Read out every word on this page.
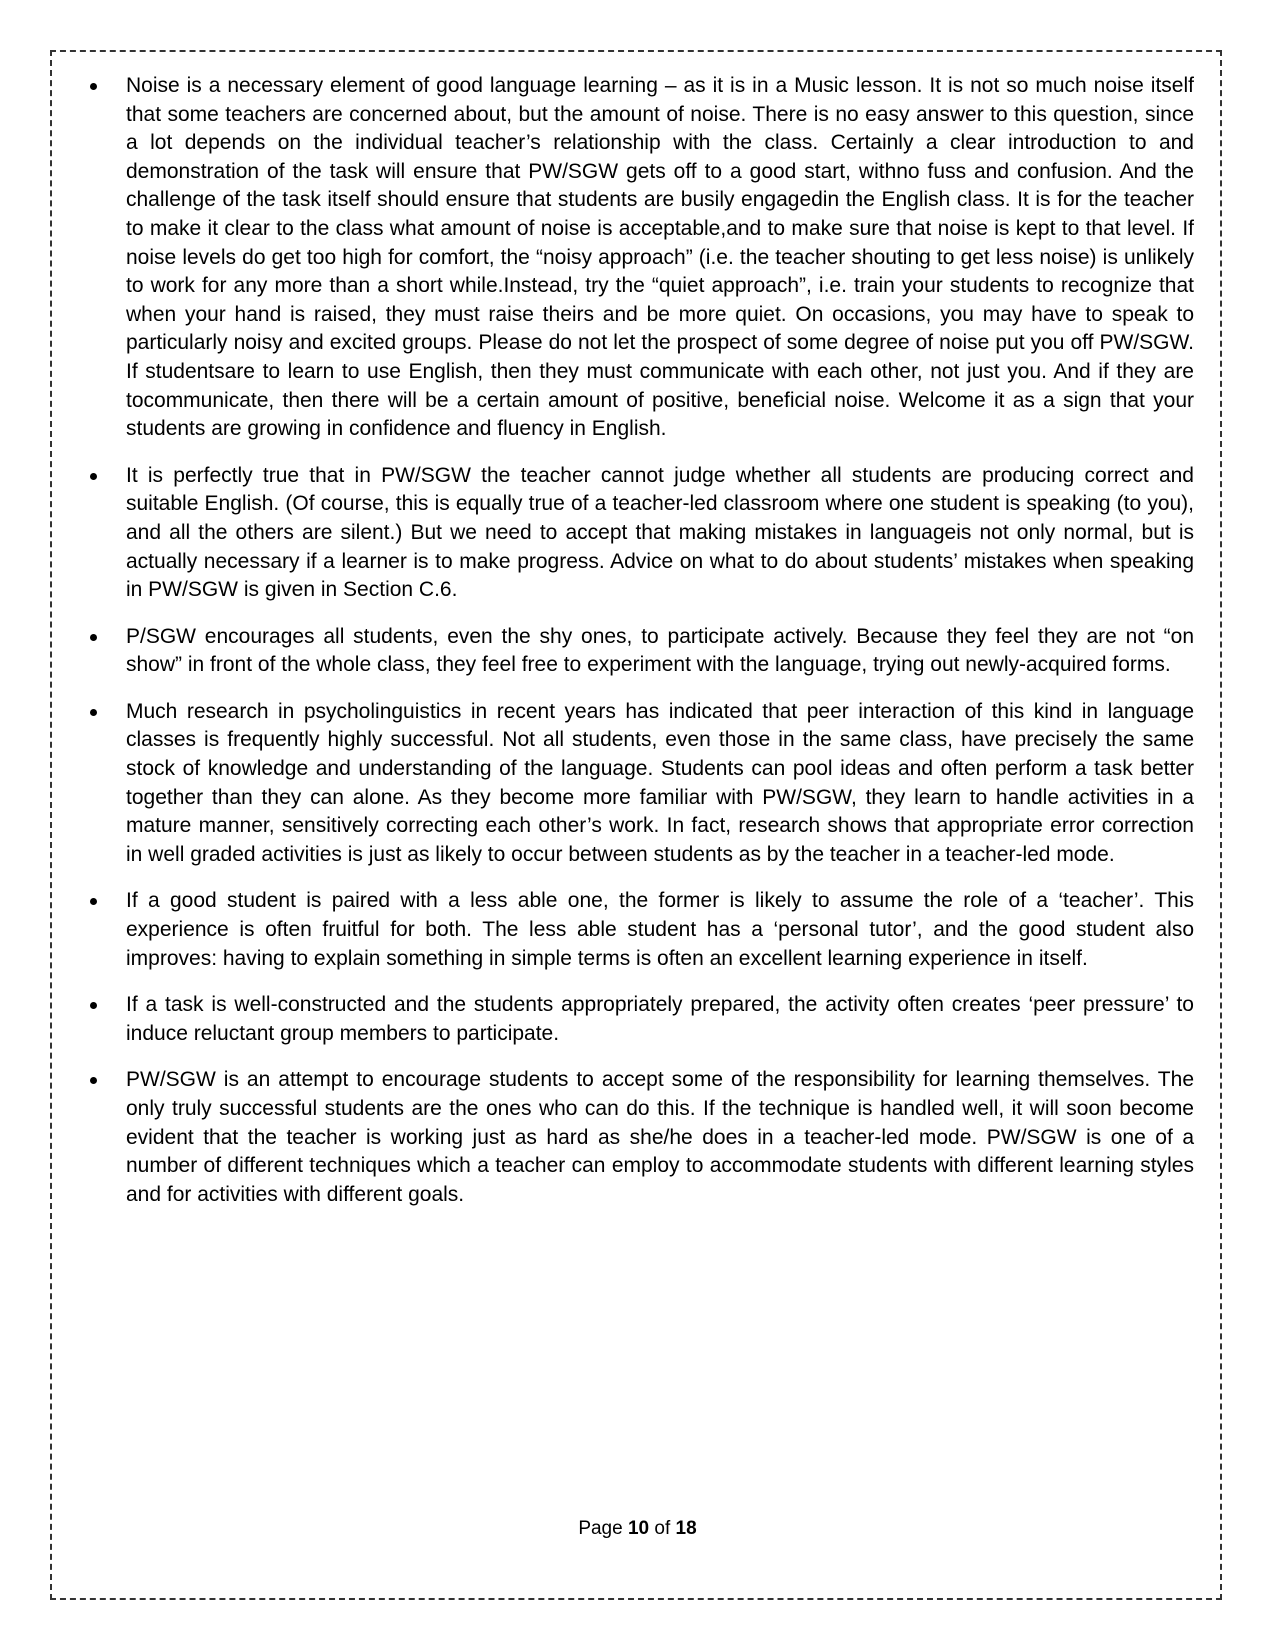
Noise is a necessary element of good language learning – as it is in a Music lesson. It is not so much noise itself that some teachers are concerned about, but the amount of noise. There is no easy answer to this question, since a lot depends on the individual teacher’s relationship with the class. Certainly a clear introduction to and demonstration of the task will ensure that PW/SGW gets off to a good start, withno fuss and confusion. And the challenge of the task itself should ensure that students are busily engagedin the English class. It is for the teacher to make it clear to the class what amount of noise is acceptable,and to make sure that noise is kept to that level. If noise levels do get too high for comfort, the “noisy approach” (i.e. the teacher shouting to get less noise) is unlikely to work for any more than a short while.Instead, try the “quiet approach”, i.e. train your students to recognize that when your hand is raised, they must raise theirs and be more quiet. On occasions, you may have to speak to particularly noisy and excited groups. Please do not let the prospect of some degree of noise put you off PW/SGW. If studentsare to learn to use English, then they must communicate with each other, not just you. And if they are tocommunicate, then there will be a certain amount of positive, beneficial noise. Welcome it as a sign that your students are growing in confidence and fluency in English.
It is perfectly true that in PW/SGW the teacher cannot judge whether all students are producing correct and suitable English. (Of course, this is equally true of a teacher-led classroom where one student is speaking (to you), and all the others are silent.) But we need to accept that making mistakes in languageis not only normal, but is actually necessary if a learner is to make progress. Advice on what to do about students’ mistakes when speaking in PW/SGW is given in Section C.6.
P/SGW encourages all students, even the shy ones, to participate actively. Because they feel they are not “on show” in front of the whole class, they feel free to experiment with the language, trying out newly-acquired forms.
Much research in psycholinguistics in recent years has indicated that peer interaction of this kind in language classes is frequently highly successful. Not all students, even those in the same class, have precisely the same stock of knowledge and understanding of the language. Students can pool ideas and often perform a task better together than they can alone. As they become more familiar with PW/SGW, they learn to handle activities in a mature manner, sensitively correcting each other’s work. In fact, research shows that appropriate error correction in well graded activities is just as likely to occur between students as by the teacher in a teacher-led mode.
If a good student is paired with a less able one, the former is likely to assume the role of a ‘teacher’. This experience is often fruitful for both. The less able student has a ‘personal tutor’, and the good student also improves: having to explain something in simple terms is often an excellent learning experience in itself.
If a task is well-constructed and the students appropriately prepared, the activity often creates ‘peer pressure’ to induce reluctant group members to participate.
PW/SGW is an attempt to encourage students to accept some of the responsibility for learning themselves. The only truly successful students are the ones who can do this. If the technique is handled well, it will soon become evident that the teacher is working just as hard as she/he does in a teacher-led mode. PW/SGW is one of a number of different techniques which a teacher can employ to accommodate students with different learning styles and for activities with different goals.
Page 10 of 18
